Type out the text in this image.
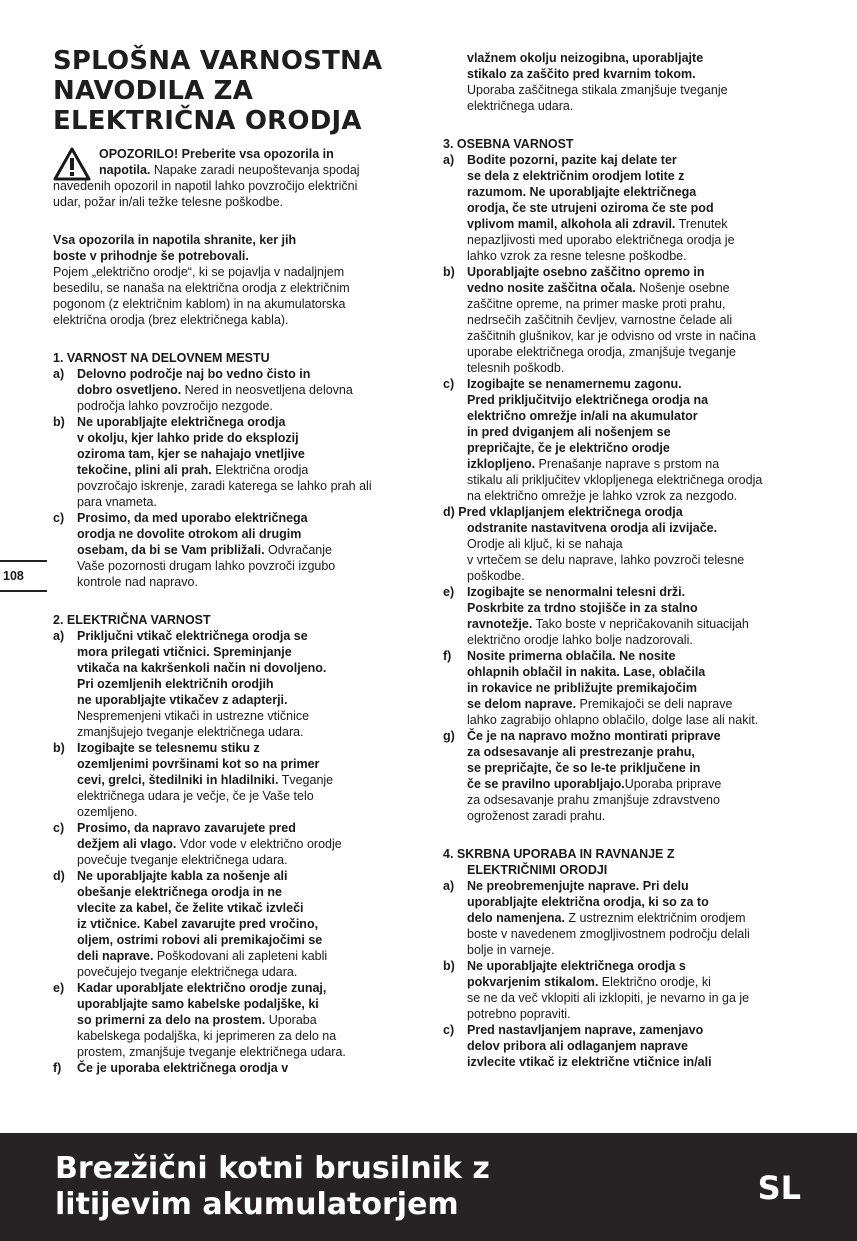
SPLOŠNA VARNOSTNA
NAVODILA ZA
ELEKTRIČNA ORODJA
OPOZORILO! Preberite vsa opozorila in
napotila. Napake zaradi neupoštevanja spodaj
navedenih opozoril in napotil lahko povzročijo električni
udar, požar in/ali težke telesne poškodbe.
Vsa opozorila in napotila shranite, ker jih
boste v prihodnje še potrebovali.
Pojem „električno orodje“, ki se pojavlja v nadaljnjem
besedilu, se nanaša na električna orodja z električnim
pogonom (z električnim kablom) in na akumulatorska
električna orodja (brez električnega kabla).
1. VARNOST NA DELOVNEM MESTU
a) Delovno področje naj bo vedno čisto in
dobro osvetljeno. Nered in neosvetljena delovna
področja lahko povzročijo nezgode.
b) Ne uporabljajte električnega orodja
v okolju, kjer lahko pride do eksplozij
oziroma tam, kjer se nahajajo vnetljive
tekočine, plini ali prah. Električna orodja
povzročajo iskrenje, zaradi katerega se lahko prah ali
para vnameta.
c) Prosimo, da med uporabo električnega
orodja ne dovolite otrokom ali drugim
osebam, da bi se Vam približali. Odvračanje
Vaše pozornosti drugam lahko povzroči izgubo
kontrole nad napravo.
2. ELEKTRIČNA VARNOST
a) Priključni vtikač električnega orodja se
mora prilegati vtičnici. Spreminjanje
vtikača na kakršenkoli način ni dovoljeno.
Pri ozemljenih električnih orodjih
ne uporabljajte vtikačev z adapterji.
Nespremenjeni vtikači in ustrezne vtičnice
zmanjšujejo tveganje električnega udara.
b) Izogibajte se telesnemu stiku z
ozemljenimi površinami kot so na primer
cevi, grelci, štedilniki in hladilniki. Tveganje
električnega udara je večje, če je Vaše telo
ozemljeno.
c) Prosimo, da napravo zavarujete pred
dežjem ali vlago. Vdor vode v električno orodje
povečuje tveganje električnega udara.
d) Ne uporabljajte kabla za nošenje ali
obešanje električnega orodja in ne
vlecite za kabel, če želite vtikač izvleči
iz vtičnice. Kabel zavarujte pred vročino,
oljem, ostrimi robovi ali premikajočimi se
deli naprave. Poškodovani ali zapleteni kabli
povečujejo tveganje električnega udara.
e) Kadar uporabljate električno orodje zunaj,
uporabljajte samo kabelske podaljške, ki
so primerni za delo na prostem. Uporaba
kabelskega podaljška, ki jeprimeren za delo na
prostem, zmanjšuje tveganje električnega udara.
f) Če je uporaba električnega orodja v
108
vlažnem okolju neizogibna, uporabljajte
stikalo za zaščito pred kvarnim tokom.
Uporaba zaščitnega stikala zmanjšuje tveganje
električnega udara.
3. OSEBNA VARNOST
a) Bodite pozorni, pazite kaj delate ter
se dela z električnim orodjem lotite z
razumom. Ne uporabljajte električnega
orodja, če ste utrujeni oziroma če ste pod
vplivom mamil, alkohola ali zdravil. Trenutek
nepazljivosti med uporabo električnega orodja je
lahko vzrok za resne telesne poškodbe.
b) Uporabljajte osebno zaščitno opremo in
vedno nosite zaščitna očala. Nošenje osebne
zaščitne opreme, na primer maske proti prahu,
nedrsečih zaščitnih čevljev, varnostne čelade ali
zaščitnih glušnikov, kar je odvisno od vrste in načina
uporabe električnega orodja, zmanjšuje tveganje
telesnih poškodb.
c) Izogibajte se nenamernemu zagonu.
Pred priključitvijo električnega orodja na
električno omrežje in/ali na akumulator
in pred dviganjem ali nošenjem se
prepričajte, če je električno orodje
izklopljeno. Prenašanje naprave s prstom na
stikalu ali priključitev vklopljenega električnega orodja
na električno omrežje je lahko vzrok za nezgodo.
d) Pred vklapljanjem električnega orodja

odstranite nastavitvena orodja ali izvijače.
Orodje ali ključ, ki se nahaja
v vrtečem se delu naprave, lahko povzroči telesne
poškodbe.
e) Izogibajte se nenormalni telesni drži.
Poskrbite za trdno stojišče in za stalno
ravnotežje. Tako boste v nepričakovanih situacijah
električno orodje lahko bolje nadzorovali.
f) Nosite primerna oblačila. Ne nosite
ohlapnih oblačil in nakita. Lase, oblačila
in rokavice ne približujte premikajočim
se delom naprave. Premikajoči se deli naprave
lahko zagrabijo ohlapno oblačilo, dolge lase ali nakit.
g) Če je na napravo možno montirati priprave
za odsesavanje ali prestrezanje prahu,
se prepričajte, če so le-te priključene in
če se pravilno uporabljajo.Uporaba priprave
za odsesavanje prahu zmanjšuje zdravstveno
ogroženost zaradi prahu.
4. SKRBNA UPORABA IN RAVNANJE Z
ELEKTRIČNIMI ORODJI
a) Ne preobremenjujte naprave. Pri delu
uporabljajte električna orodja, ki so za to
delo namenjena. Z ustreznim električnim orodjem
boste v navedenem zmogljivostnem področju delali
bolje in varneje.
b) Ne uporabljajte električnega orodja s
pokvarjenim stikalom. Električno orodje, ki
se ne da več vklopiti ali izklopiti, je nevarno in ga je
potrebno popraviti.
c) Pred nastavljanjem naprave, zamenjavo
delov pribora ali odlaganjem naprave
izvlecite vtikač iz električne vtičnice in/ali
Brezžični kotni brusilnik z
litijevim akumulatorjem	SL
